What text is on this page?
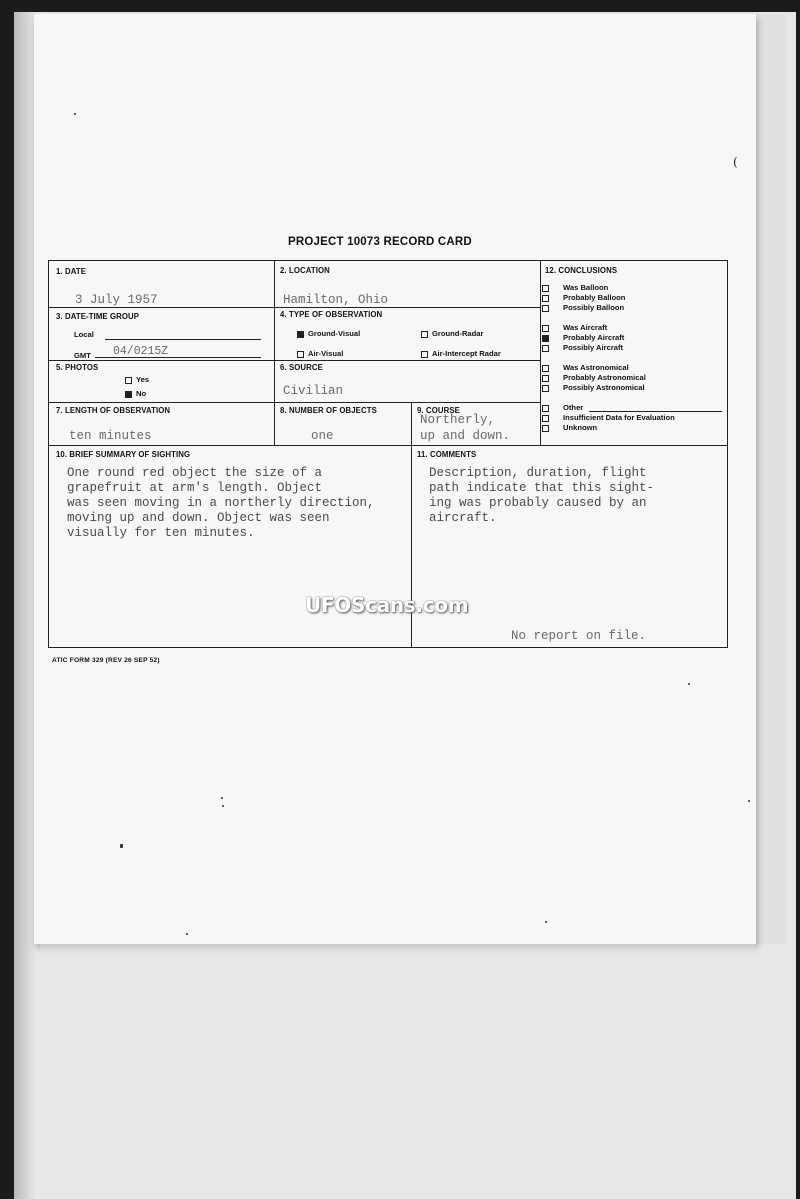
(
PROJECT 10073 RECORD CARD
1. DATE
3 July 1957
2. LOCATION
Hamilton, Ohio
3. DATE-TIME GROUP
Local
GMT 04/0215Z
4. TYPE OF OBSERVATION
Ground-Visual	Ground-Radar
Air-Visual	Air-Intercept Radar
5. PHOTOS
Yes
No
6. SOURCE
Civilian
7. LENGTH OF OBSERVATION
ten minutes
8. NUMBER OF OBJECTS
one
9. COURSE
Northerly,
up and down.
12. CONCLUSIONS
10. BRIEF SUMMARY OF SIGHTING
One round red object the size of a
grapefruit at arm's length. Object
was seen moving in a northerly direction,
moving up and down. Object was seen
visually for ten minutes.
11. COMMENTS
Description, duration, flight
path indicate that this sight-
ing was probably caused by an
aircraft.
No report on file.
Was Balloon
Probably Balloon
Possibly Balloon
Was Aircraft
Probably Aircraft
Possibly Aircraft
Was Astronomical
Probably Astronomical
Possibly Astronomical
Other
Insufficient Data for Evaluation
Unknown
UFOScans.com
ATIC FORM 329 (REV 26 SEP 52)
